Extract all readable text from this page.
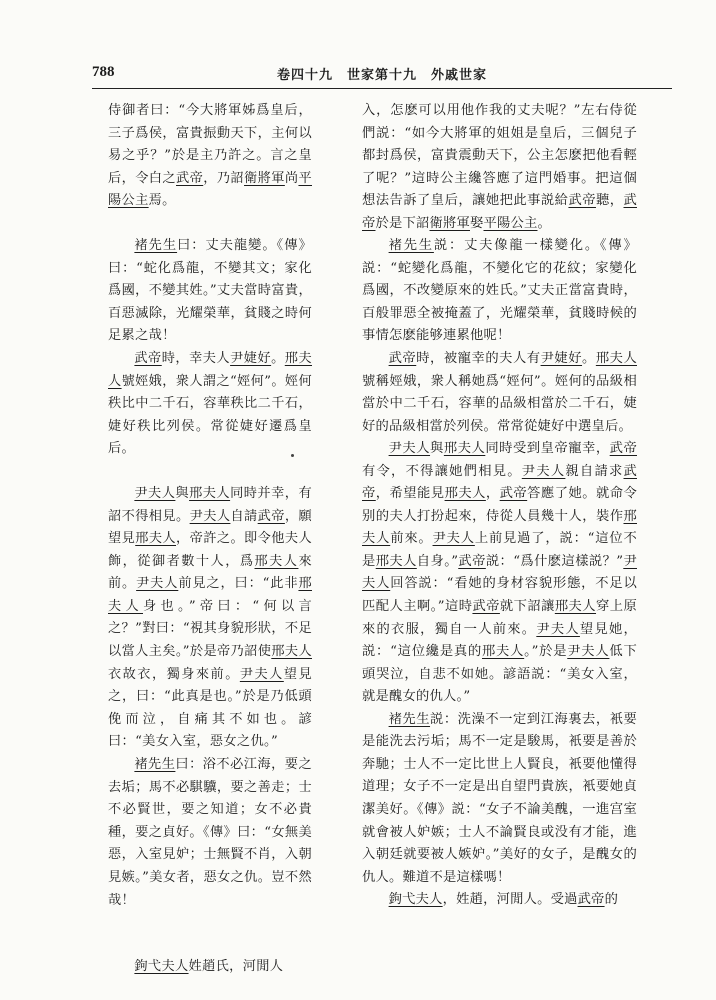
788	卷四十九　世家第十九　外戚世家

侍御者曰：“今大將軍姊爲皇后，三子爲侯，富貴振動天下，主何以易之乎？”於是主乃許之。言之皇后，令白之武帝，乃詔衛將軍尚平陽公主焉。

褚先生曰：丈夫龍變。《傳》曰：“蛇化爲龍，不變其文；家化爲國，不變其姓。”丈夫當時富貴，百惡滅除，光耀榮華，貧賤之時何足累之哉！

武帝時，幸夫人尹婕好。邢夫人號娙娥，衆人謂之“娙何”。娙何秩比中二千石，容華秩比二千石，婕好秩比列侯。常從婕好遷爲皇后。

尹夫人與邢夫人同時并幸，有詔不得相見。尹夫人自請武帝，願望見邢夫人，帝許之。即令他夫人飾，從御者數十人，爲邢夫人來前。尹夫人前見之，曰：“此非邢夫人身也。”帝曰：“何以言之？”對曰：“視其身貌形狀，不足以當人主矣。”於是帝乃詔使邢夫人衣故衣，獨身來前。尹夫人望見之，曰：“此真是也。”於是乃低頭俛而泣，自痛其不如也。諺曰：“美女入室，惡女之仇。”

褚先生曰：浴不必江海，要之去垢；馬不必騏驥，要之善走；士不必賢世，要之知道；女不必貴種，要之貞好。《傳》曰：“女無美惡，入室見妒；士無賢不肖，入朝見嫉。”美女者，惡女之仇。豈不然哉！

鉤弋夫人姓趙氏，河閒人

入，怎麽可以用他作我的丈夫呢？”左右侍從們説：“如今大將軍的姐姐是皇后，三個兒子都封爲侯，富貴震動天下，公主怎麽把他看輕了呢？”這時公主纔答應了這門婚事。把這個想法告訴了皇后，讓她把此事説給武帝聽，武帝於是下詔衛將軍娶平陽公主。

褚先生説：丈夫像龍一樣變化。《傳》説：“蛇變化爲龍，不變化它的花紋；家變化爲國，不改變原來的姓氏。”丈夫正當富貴時，百般罪惡全被掩蓋了，光耀榮華，貧賤時候的事情怎麽能够連累他呢！

武帝時，被寵幸的夫人有尹婕好。邢夫人號稱娙娥，衆人稱她爲“娙何”。娙何的品級相當於中二千石，容華的品級相當於二千石，婕好的品級相當於列侯。常常從婕好中選皇后。

尹夫人與邢夫人同時受到皇帝寵幸，武帝有令，不得讓她們相見。尹夫人親自請求武帝，希望能見邢夫人，武帝答應了她。就命令别的夫人打扮起來，侍從人員幾十人，裝作邢夫人前來。尹夫人上前見過了，説：“這位不是邢夫人自身。”武帝説：“爲什麽這樣説？”尹夫人回答説：“看她的身材容貌形態，不足以匹配人主啊。”這時武帝就下詔讓邢夫人穿上原來的衣服，獨自一人前來。尹夫人望見她，説：“這位纔是真的邢夫人。”於是尹夫人低下頭哭泣，自悲不如她。諺語説：“美女入室，就是醜女的仇人。”

褚先生説：洗澡不一定到江海裏去，衹要是能洗去污垢；馬不一定是駿馬，衹要是善於奔馳；士人不一定比世上人賢良，衹要他懂得道理；女子不一定是出自望門貴族，衹要她貞潔美好。《傳》説：“女子不論美醜，一進宫室就會被人妒嫉；士人不論賢良或没有才能，進入朝廷就要被人嫉妒。”美好的女子，是醜女的仇人。難道不是這樣嗎！

鉤弋夫人，姓趙，河閒人。受過武帝的
